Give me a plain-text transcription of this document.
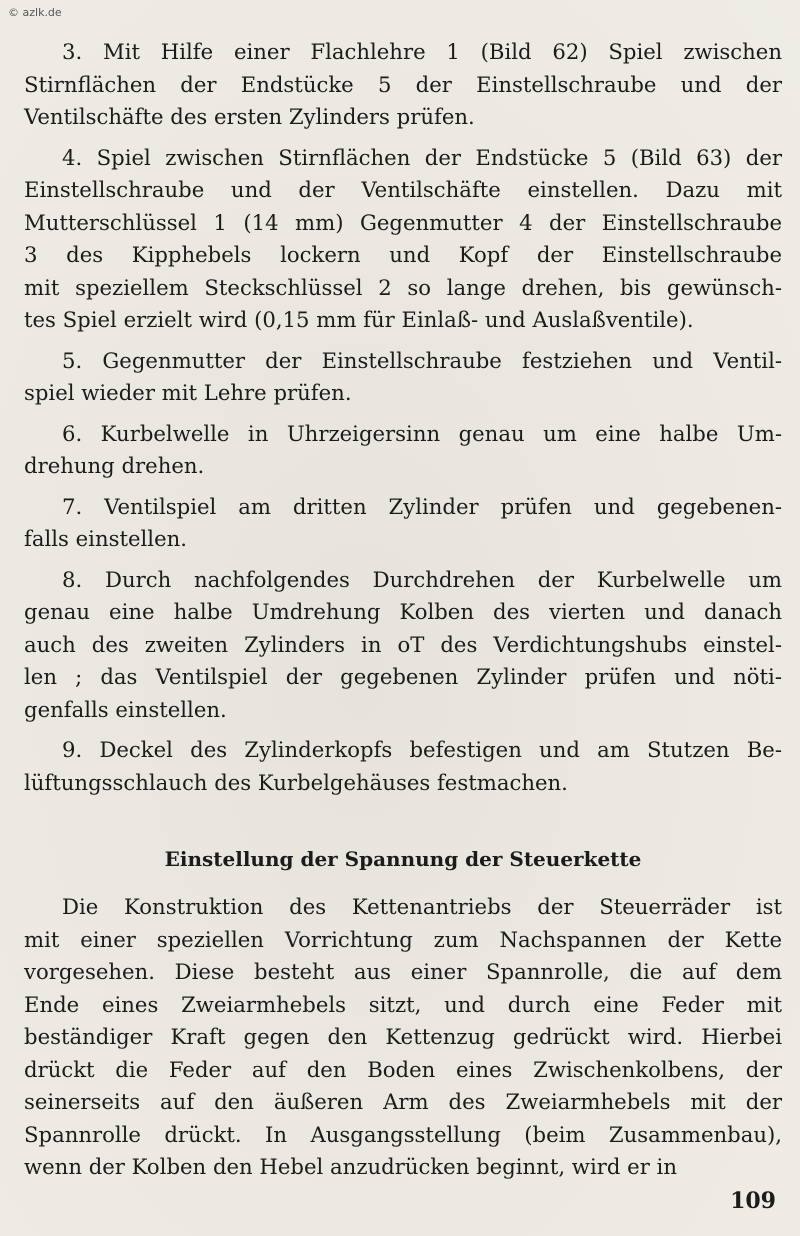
© azlk.de
3. Mit Hilfe einer Flachlehre 1 (Bild 62) Spiel zwischen
Stirnflächen der Endstücke 5 der Einstellschraube und der
Ventilschäfte des ersten Zylinders prüfen.
4. Spiel zwischen Stirnflächen der Endstücke 5 (Bild 63) der
Einstellschraube und der Ventilschäfte einstellen. Dazu mit
Mutterschlüssel 1 (14 mm) Gegenmutter 4 der Einstellschraube
3 des Kipphebels lockern und Kopf der Einstellschraube
mit speziellem Steckschlüssel 2 so lange drehen, bis gewünsch-
tes Spiel erzielt wird (0,15 mm für Einlaß- und Auslaßventile).
5. Gegenmutter der Einstellschraube festziehen und Ventil-
spiel wieder mit Lehre prüfen.
6. Kurbelwelle in Uhrzeigersinn genau um eine halbe Um-
drehung drehen.
7. Ventilspiel am dritten Zylinder prüfen und gegebenen-
falls einstellen.
8. Durch nachfolgendes Durchdrehen der Kurbelwelle um
genau eine halbe Umdrehung Kolben des vierten und danach
auch des zweiten Zylinders in oT des Verdichtungshubs einstel-
len ; das Ventilspiel der gegebenen Zylinder prüfen und nöti-
genfalls einstellen.
9. Deckel des Zylinderkopfs befestigen und am Stutzen Be-
lüftungsschlauch des Kurbelgehäuses festmachen.
Einstellung der Spannung der Steuerkette
Die Konstruktion des Kettenantriebs der Steuerräder ist
mit einer speziellen Vorrichtung zum Nachspannen der Kette
vorgesehen. Diese besteht aus einer Spannrolle, die auf dem
Ende eines Zweiarmhebels sitzt, und durch eine Feder mit
beständiger Kraft gegen den Kettenzug gedrückt wird. Hierbei
drückt die Feder auf den Boden eines Zwischenkolbens, der
seinerseits auf den äußeren Arm des Zweiarmhebels mit der
Spannrolle drückt. In Ausgangsstellung (beim Zusammenbau),
wenn der Kolben den Hebel anzudrücken beginnt, wird er in
109
